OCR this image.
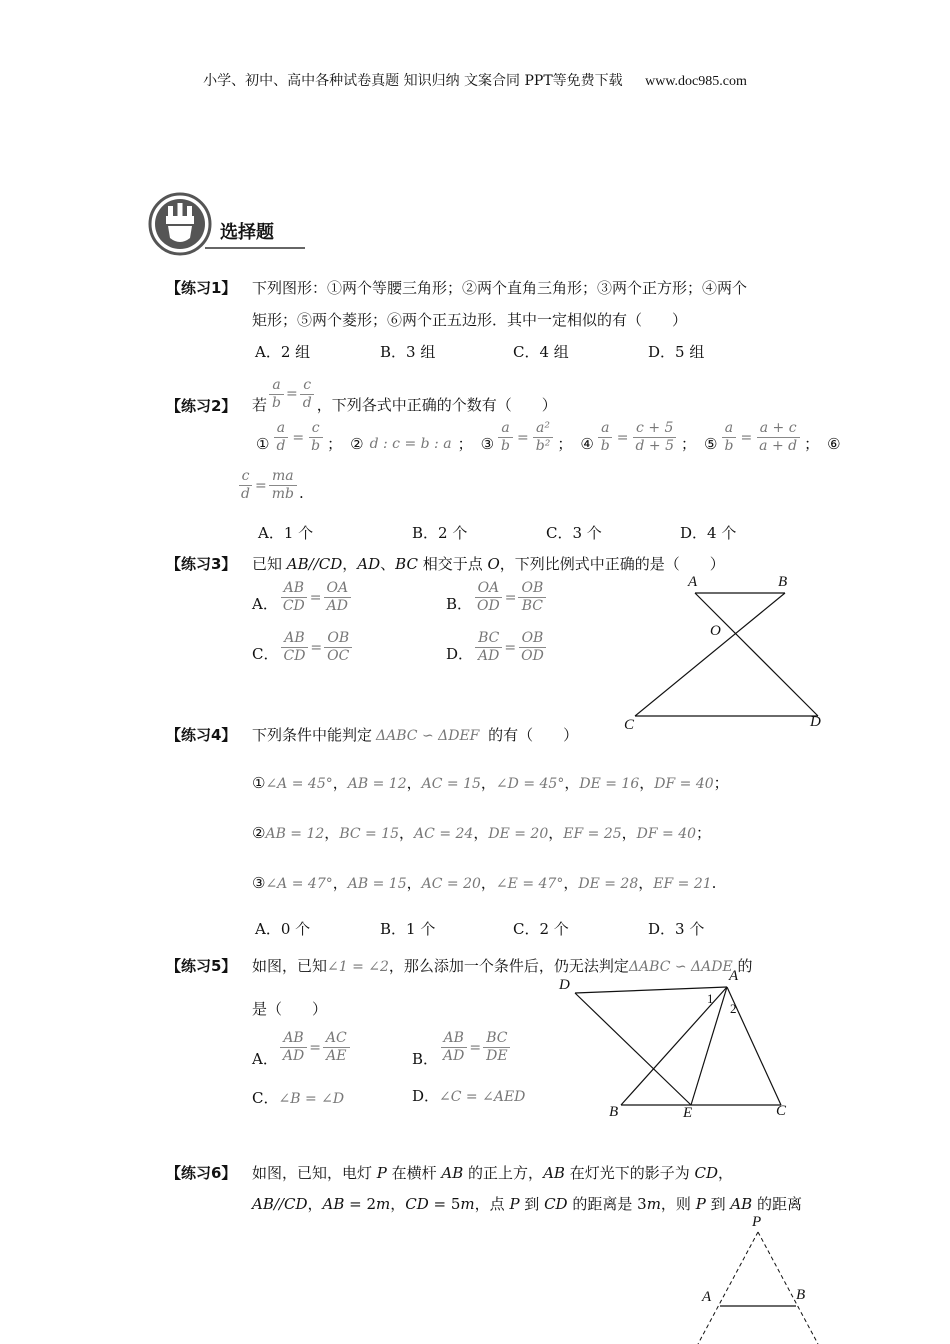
小学、初中、高中各种试卷真题 知识归纳 文案合同 PPT等免费下载 www.doc985.com
选择题
【练习1】 下列图形：①两个等腰三角形；②两个直角三角形；③两个正方形；④两个
矩形；⑤两个菱形；⑥两个正五边形．其中一定相似的有（　　）
A．2 组	B．3 组	C．4 组	D．5 组
【练习2】 若 $\frac{a}{b} = \frac{c}{d}$ ，下列各式中正确的个数有（　　）
① $\frac{a}{d} = \frac{c}{b}$ ； ② d : c = b : a ； ③ $\frac{a}{b} = \frac{\text{a²}}{\text{b²}}$ ； ④ $\frac{a}{b} = \frac{c + 5}{d + 5}$ ； ⑤ $\frac{a}{b} = \frac{a + c}{a + d}$ ； ⑥
$\frac{c}{d} = \frac{ma}{mb}$ .
A．1 个	B．2 个	C．3 个	D．4 个
【练习3】 已知 AB//CD，AD、BC 相交于点 O，下列比例式中正确的是（　　）
A． $\frac{AB}{CD} = \frac{OA}{AD}$	B． $\frac{OA}{OD} = \frac{OB}{BC}$
C． $\frac{AB}{CD} = \frac{OB}{OC}$	D． $\frac{BC}{AD} = \frac{OB}{OD}$
A	B
O
C	D
【练习4】 下列条件中能判定 ΔABC ∽ ΔDEF 的有（　　）
①∠A = 45°，AB = 12，AC = 15，∠D = 45°，DE = 16，DF = 40；
②AB = 12，BC = 15，AC = 24，DE = 20，EF = 25，DF = 40；
③∠A = 47°，AB = 15，AC = 20，∠E = 47°，DE = 28，EF = 21.
A．0 个	B．1 个	C．2 个	D．3 个
【练习5】 如图，已知∠1 = ∠2，那么添加一个条件后，仍无法判定ΔABC ∽ ΔADE 的
是（　　）
A． $\frac{AB}{AD} = \frac{AC}{AE}$	B． $\frac{AB}{AD} = \frac{BC}{DE}$
C．∠B = ∠D	D．∠C = ∠AED
A
D
B	E	C
1
2
【练习6】 如图，已知，电灯 P 在横杆 AB 的正上方，AB 在灯光下的影子为 CD，
AB//CD，AB = 2m，CD = 5m，点 P 到 CD 的距离是 3m，则 P 到 AB 的距离
P
A	B
